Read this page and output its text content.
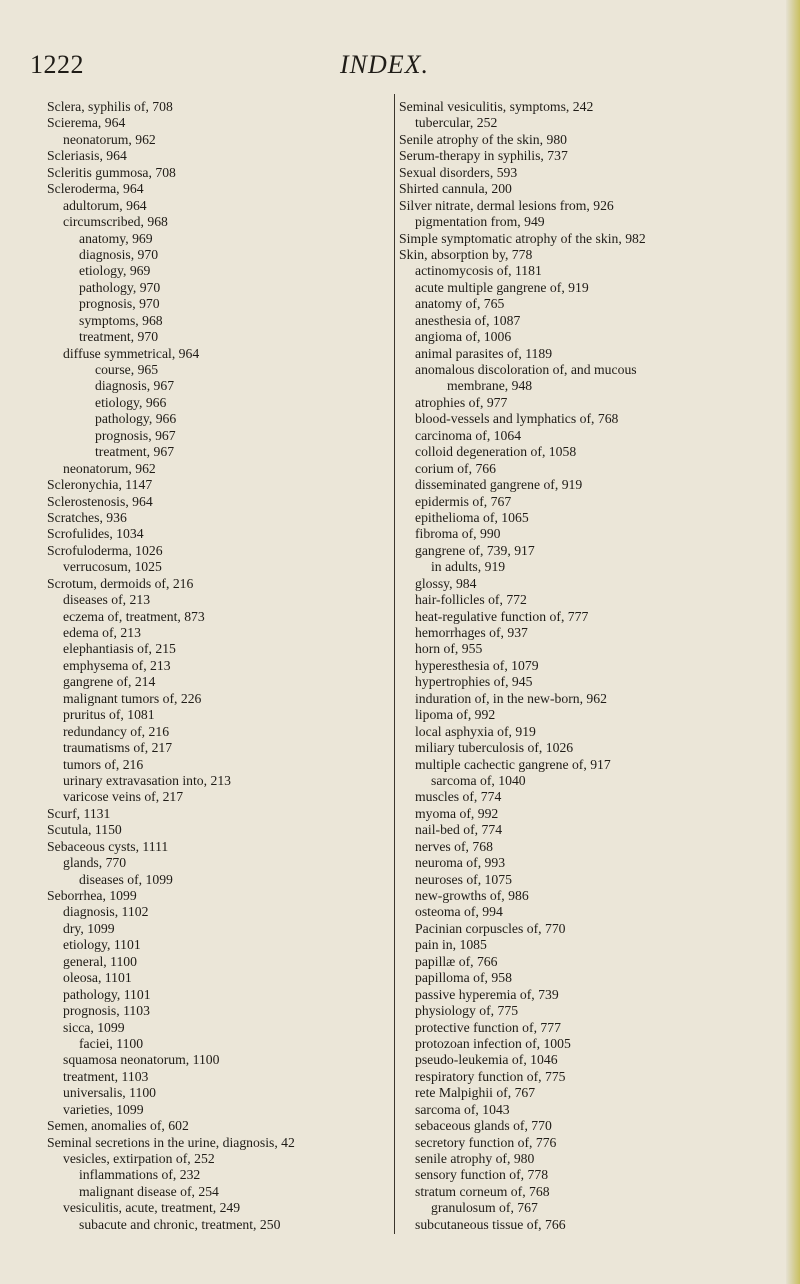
1222	INDEX.
Sclera, syphilis of, 708
Scierema, 964
neonatorum, 962
Scleriasis, 964
Scleritis gummosa, 708
Scleroderma, 964
adultorum, 964
circumscribed, 968
anatomy, 969
diagnosis, 970
etiology, 969
pathology, 970
prognosis, 970
symptoms, 968
treatment, 970
diffuse symmetrical, 964
course, 965
diagnosis, 967
etiology, 966
pathology, 966
prognosis, 967
treatment, 967
neonatorum, 962
Scleronychia, 1147
Sclerostenosis, 964
Scratches, 936
Scrofulides, 1034
Scrofuloderma, 1026
verrucosum, 1025
Scrotum, dermoids of, 216
diseases of, 213
eczema of, treatment, 873
edema of, 213
elephantiasis of, 215
emphysema of, 213
gangrene of, 214
malignant tumors of, 226
pruritus of, 1081
redundancy of, 216
traumatisms of, 217
tumors of, 216
urinary extravasation into, 213
varicose veins of, 217
Scurf, 1131
Scutula, 1150
Sebaceous cysts, 1111
glands, 770
diseases of, 1099
Seborrhea, 1099
diagnosis, 1102
dry, 1099
etiology, 1101
general, 1100
oleosa, 1101
pathology, 1101
prognosis, 1103
sicca, 1099
faciei, 1100
squamosa neonatorum, 1100
treatment, 1103
universalis, 1100
varieties, 1099
Semen, anomalies of, 602
Seminal secretions in the urine, diagnosis, 42
vesicles, extirpation of, 252
inflammations of, 232
malignant disease of, 254
vesiculitis, acute, treatment, 249
subacute and chronic, treatment, 250
Seminal vesiculitis, symptoms, 242
tubercular, 252
Senile atrophy of the skin, 980
Serum-therapy in syphilis, 737
Sexual disorders, 593
Shirted cannula, 200
Silver nitrate, dermal lesions from, 926
pigmentation from, 949
Simple symptomatic atrophy of the skin, 982
Skin, absorption by, 778
actinomycosis of, 1181
acute multiple gangrene of, 919
anatomy of, 765
anesthesia of, 1087
angioma of, 1006
animal parasites of, 1189
anomalous discoloration of, and mucous
membrane, 948
atrophies of, 977
blood-vessels and lymphatics of, 768
carcinoma of, 1064
colloid degeneration of, 1058
corium of, 766
disseminated gangrene of, 919
epidermis of, 767
epithelioma of, 1065
fibroma of, 990
gangrene of, 739, 917
in adults, 919
glossy, 984
hair-follicles of, 772
heat-regulative function of, 777
hemorrhages of, 937
horn of, 955
hyperesthesia of, 1079
hypertrophies of, 945
induration of, in the new-born, 962
lipoma of, 992
local asphyxia of, 919
miliary tuberculosis of, 1026
multiple cachectic gangrene of, 917
sarcoma of, 1040
muscles of, 774
myoma of, 992
nail-bed of, 774
nerves of, 768
neuroma of, 993
neuroses of, 1075
new-growths of, 986
osteoma of, 994
Pacinian corpuscles of, 770
pain in, 1085
papillæ of, 766
papilloma of, 958
passive hyperemia of, 739
physiology of, 775
protective function of, 777
protozoan infection of, 1005
pseudo-leukemia of, 1046
respiratory function of, 775
rete Malpighii of, 767
sarcoma of, 1043
sebaceous glands of, 770
secretory function of, 776
senile atrophy of, 980
sensory function of, 778
stratum corneum of, 768
granulosum of, 767
subcutaneous tissue of, 766
